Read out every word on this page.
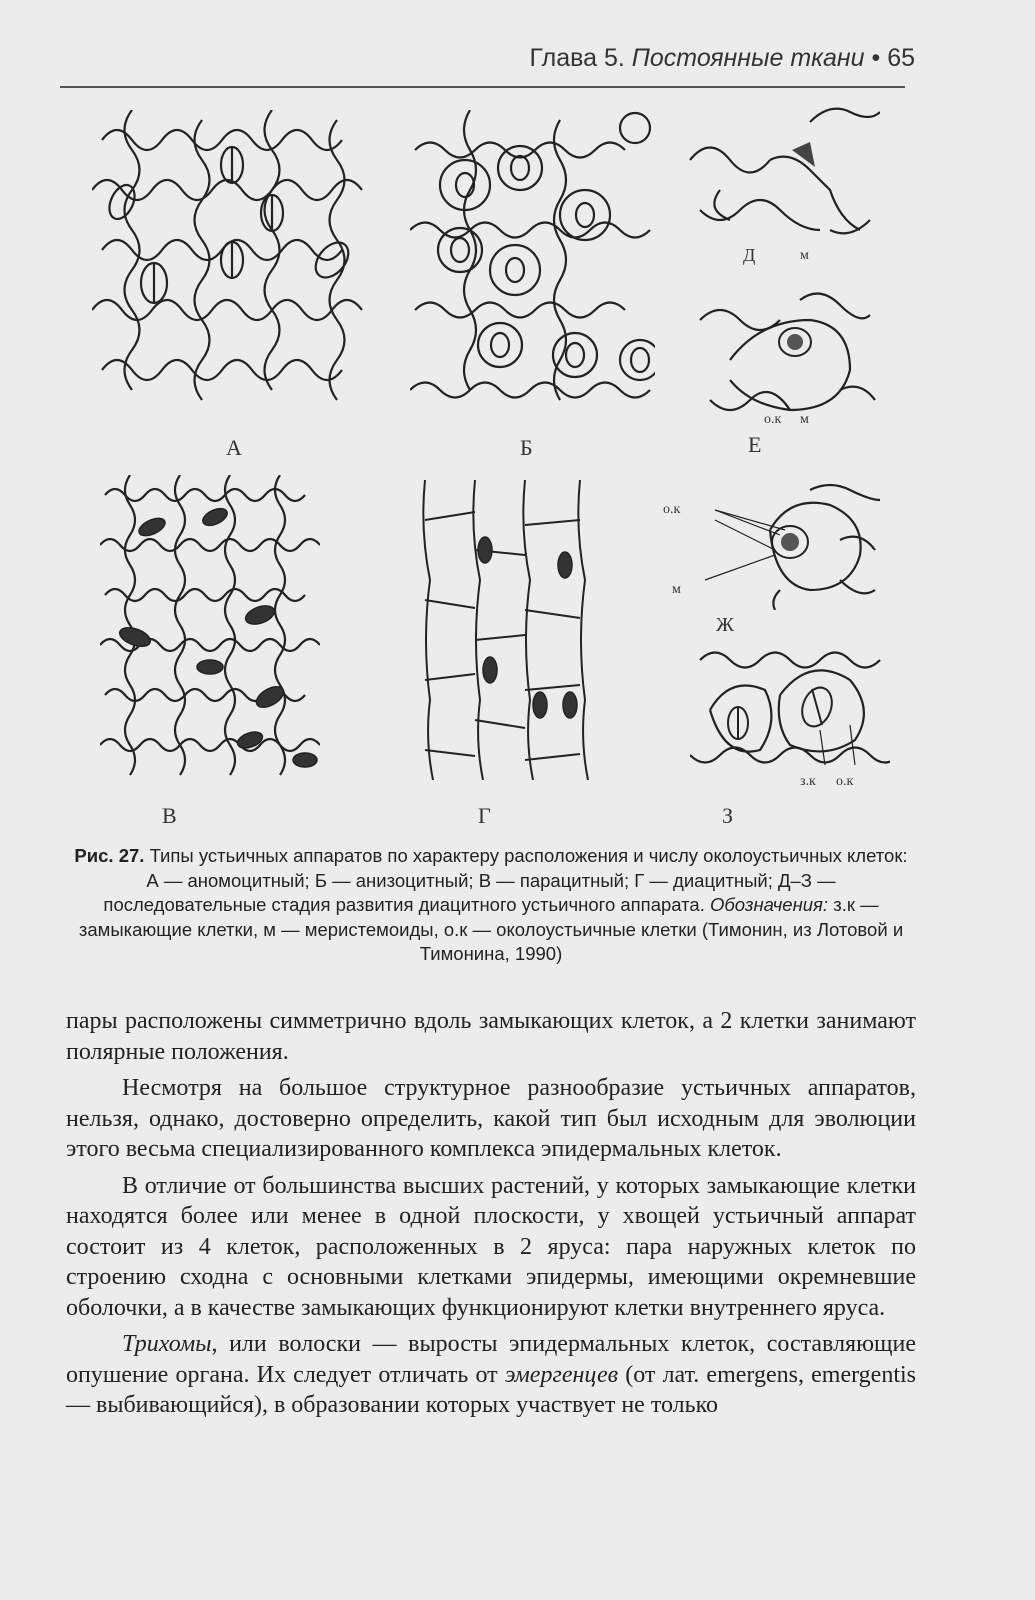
Глава 5. Постоянные ткани • 65
А	Б
Д	м
о.к м
Е
В	Г
о.к
м
Ж
з.к о.к
З
Рис. 27. Типы устьичных аппаратов по характеру расположения и числу околоустьичных клеток: А — аномоцитный; Б — анизоцитный; В — парацитный; Г — диацитный; Д–З — последовательные стадия развития диацитного устьичного аппарата. Обозначения: з.к — замыкающие клетки, м — меристемоиды, о.к — околоустьичные клетки (Тимонин, из Лотовой и Тимонина, 1990)

пары расположены симметрично вдоль замыкающих клеток, а 2 клетки занимают полярные положения.

Несмотря на большое структурное разнообразие устьичных аппаратов, нельзя, однако, достоверно определить, какой тип был исходным для эволюции этого весьма специализированного комплекса эпидермальных клеток.

В отличие от большинства высших растений, у которых замыкающие клетки находятся более или менее в одной плоскости, у хвощей устьичный аппарат состоит из 4 клеток, расположенных в 2 яруса: пара наружных клеток по строению сходна с основными клетками эпидермы, имеющими окремневшие оболочки, а в качестве замыкающих функционируют клетки внутреннего яруса.

Трихомы, или волоски — выросты эпидермальных клеток, составляющие опушение органа. Их следует отличать от эмергенцев (от лат. emergens, emergentis — выбивающийся), в образовании которых участвует не только
